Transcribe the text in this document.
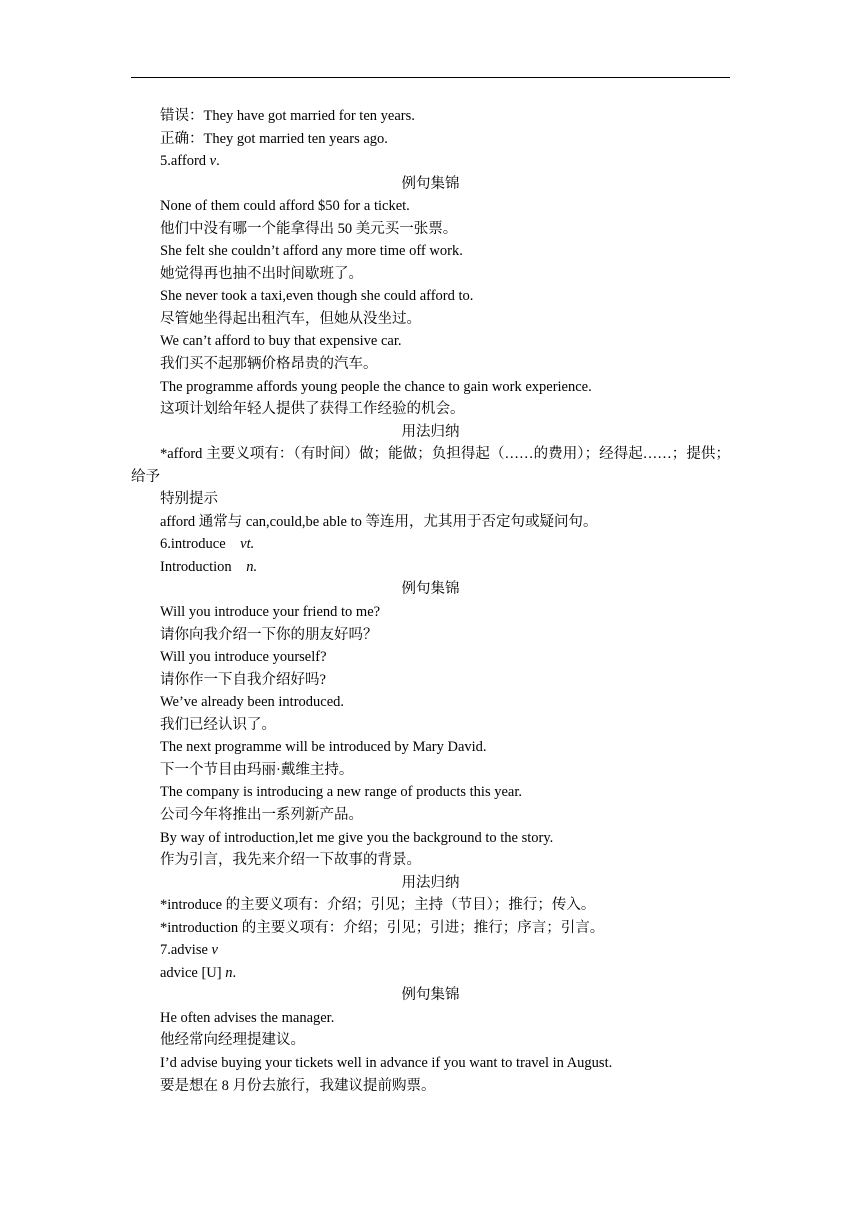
错误：They have got married for ten years.
正确：They got married ten years ago.
5.afford v.
例句集锦
None of them could afford $50 for a ticket.
他们中没有哪一个能拿得出 50 美元买一张票。
She felt she couldn’t afford any more time off work.
她觉得再也抽不出时间歇班了。
She never took a taxi,even though she could afford to.
尽管她坐得起出租汽车，但她从没坐过。
We can’t afford to buy that expensive car.
我们买不起那辆价格昂贵的汽车。
The programme affords young people the chance to gain work experience.
这项计划给年轻人提供了获得工作经验的机会。
用法归纳
*afford 主要义项有：（有时间）做；能做；负担得起（……的费用）；经得起……；提供；给予
特别提示
afford 通常与 can,could,be able to 等连用，尤其用于否定句或疑问句。
6.introduce　vt.
Introduction　n.
例句集锦
Will you introduce your friend to me?
请你向我介绍一下你的朋友好吗？
Will you introduce yourself?
请你作一下自我介绍好吗?
We’ve already been introduced.
我们已经认识了。
The next programme will be introduced by Mary David.
下一个节目由玛丽·戴维主持。
The company is introducing a new range of products this year.
公司今年将推出一系列新产品。
By way of introduction,let me give you the background to the story.
作为引言，我先来介绍一下故事的背景。
用法归纳
*introduce 的主要义项有：介绍；引见；主持（节目）；推行；传入。
*introduction 的主要义项有：介绍；引见；引进；推行；序言；引言。
7.advise v
advice [U] n.
例句集锦
He often advises the manager.
他经常向经理提建议。
I’d advise buying your tickets well in advance if you want to travel in August.
要是想在 8 月份去旅行，我建议提前购票。
